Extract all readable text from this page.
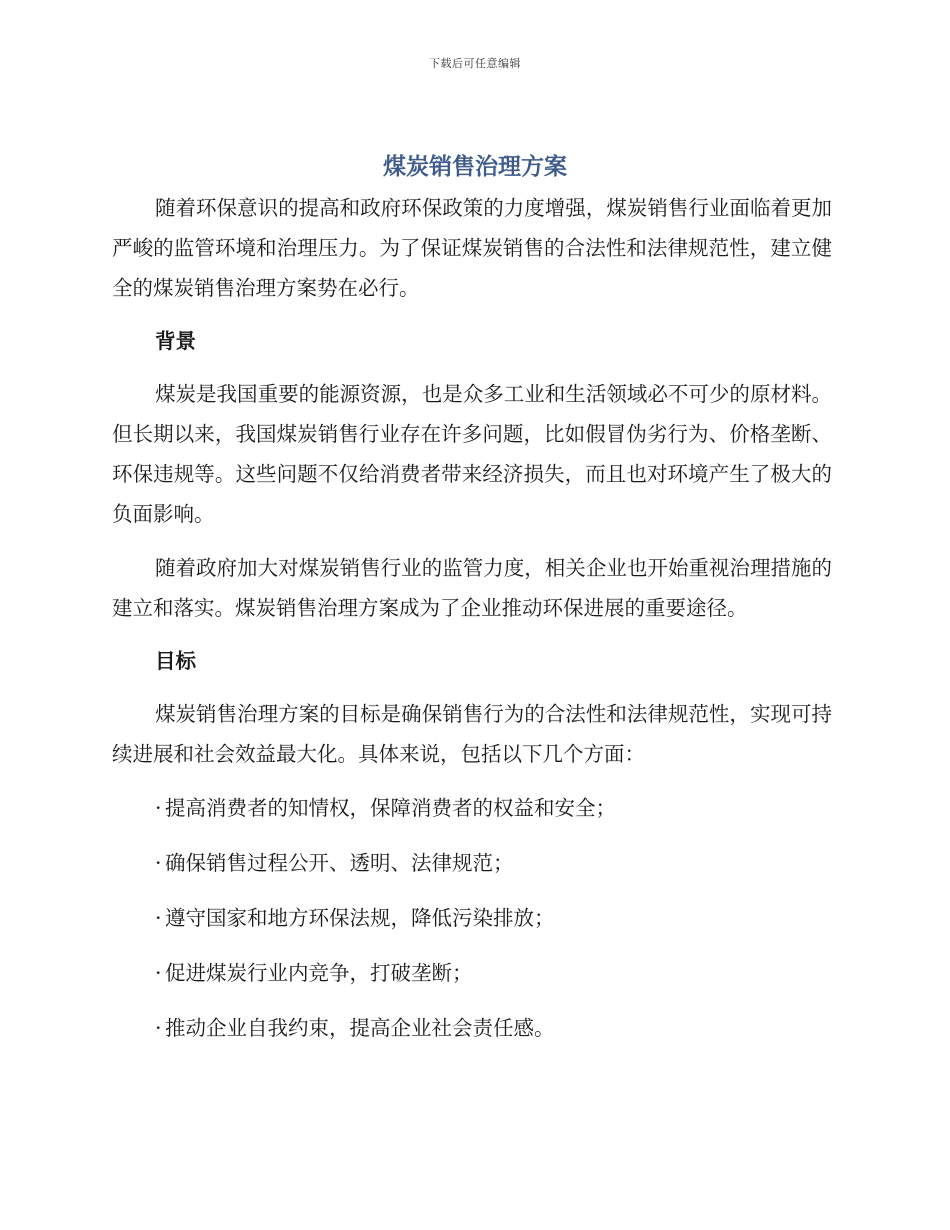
下载后可任意编辑
煤炭销售治理方案

随着环保意识的提高和政府环保政策的力度增强，煤炭销售行业面临着更加严峻的监管环境和治理压力。为了保证煤炭销售的合法性和法律规范性，建立健全的煤炭销售治理方案势在必行。

背景

煤炭是我国重要的能源资源，也是众多工业和生活领域必不可少的原材料。但长期以来，我国煤炭销售行业存在许多问题，比如假冒伪劣行为、价格垄断、环保违规等。这些问题不仅给消费者带来经济损失，而且也对环境产生了极大的负面影响。

随着政府加大对煤炭销售行业的监管力度，相关企业也开始重视治理措施的建立和落实。煤炭销售治理方案成为了企业推动环保进展的重要途径。

目标

煤炭销售治理方案的目标是确保销售行为的合法性和法律规范性，实现可持续进展和社会效益最大化。具体来说，包括以下几个方面：

· 提高消费者的知情权，保障消费者的权益和安全；

· 确保销售过程公开、透明、法律规范；

· 遵守国家和地方环保法规，降低污染排放；

· 促进煤炭行业内竞争，打破垄断；

· 推动企业自我约束，提高企业社会责任感。
